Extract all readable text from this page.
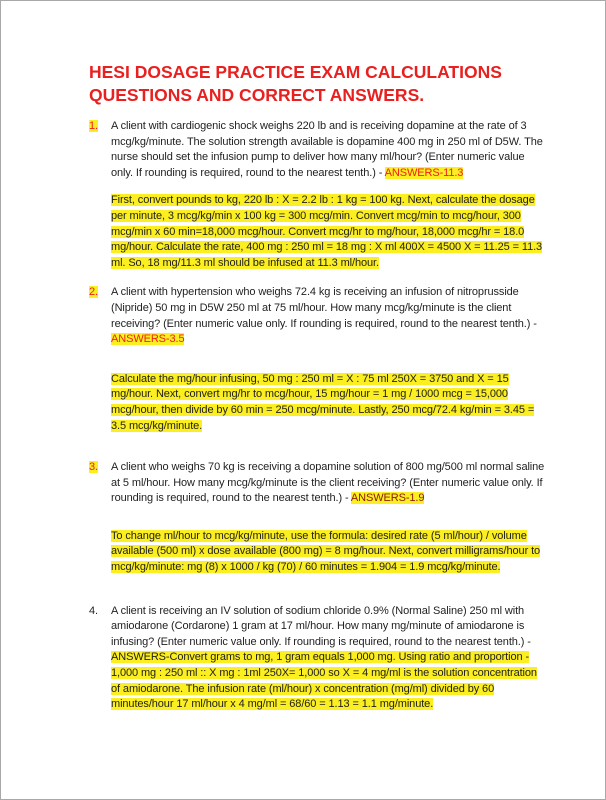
HESI DOSAGE PRACTICE EXAM CALCULATIONS
QUESTIONS AND CORRECT ANSWERS.
1.	A client with cardiogenic shock weighs 220 lb and is receiving dopamine at the rate of 3 mcg/kg/minute. The solution strength available is dopamine 400 mg in 250 ml of D5W. The nurse should set the infusion pump to deliver how many ml/hour? (Enter numeric value only. If rounding is required, round to the nearest tenth.) - ANSWERS-11.3

First, convert pounds to kg, 220 lb : X = 2.2 lb : 1 kg = 100 kg. Next, calculate the dosage per minute, 3 mcg/kg/min x 100 kg = 300 mcg/min. Convert mcg/min to mcg/hour, 300 mcg/min x 60 min=18,000 mcg/hour. Convert mcg/hr to mg/hour, 18,000 mcg/hr = 18.0 mg/hour. Calculate the rate, 400 mg : 250 ml = 18 mg : X ml 400X = 4500 X = 11.25 = 11.3 ml. So, 18 mg/11.3 ml should be infused at 11.3 ml/hour.

2.	A client with hypertension who weighs 72.4 kg is receiving an infusion of nitroprusside (Nipride) 50 mg in D5W 250 ml at 75 ml/hour. How many mcg/kg/minute is the client receiving? (Enter numeric value only. If rounding is required, round to the nearest tenth.) - ANSWERS-3.5

Calculate the mg/hour infusing, 50 mg : 250 ml = X : 75 ml 250X = 3750 and X = 15 mg/hour. Next, convert mg/hr to mcg/hour, 15 mg/hour = 1 mg / 1000 mcg = 15,000 mcg/hour, then divide by 60 min = 250 mcg/minute. Lastly, 250 mcg/72.4 kg/min = 3.45 = 3.5 mcg/kg/minute.

3.	A client who weighs 70 kg is receiving a dopamine solution of 800 mg/500 ml normal saline at 5 ml/hour. How many mcg/kg/minute is the client receiving? (Enter numeric value only. If rounding is required, round to the nearest tenth.) - ANSWERS-1.9

To change ml/hour to mcg/kg/minute, use the formula: desired rate (5 ml/hour) / volume available (500 ml) x dose available (800 mg) = 8 mg/hour. Next, convert milligrams/hour to mcg/kg/minute: mg (8) x 1000 / kg (70) / 60 minutes = 1.904 = 1.9 mcg/kg/minute.

4.	A client is receiving an IV solution of sodium chloride 0.9% (Normal Saline) 250 ml with amiodarone (Cordarone) 1 gram at 17 ml/hour. How many mg/minute of amiodarone is infusing? (Enter numeric value only. If rounding is required, round to the nearest tenth.) - ANSWERS-Convert grams to mg, 1 gram equals 1,000 mg. Using ratio and proportion - 1,000 mg : 250 ml :: X mg : 1ml 250X= 1,000 so X = 4 mg/ml is the solution concentration of amiodarone. The infusion rate (ml/hour) x concentration (mg/ml) divided by 60 minutes/hour 17 ml/hour x 4 mg/ml = 68/60 = 1.13 = 1.1 mg/minute.
